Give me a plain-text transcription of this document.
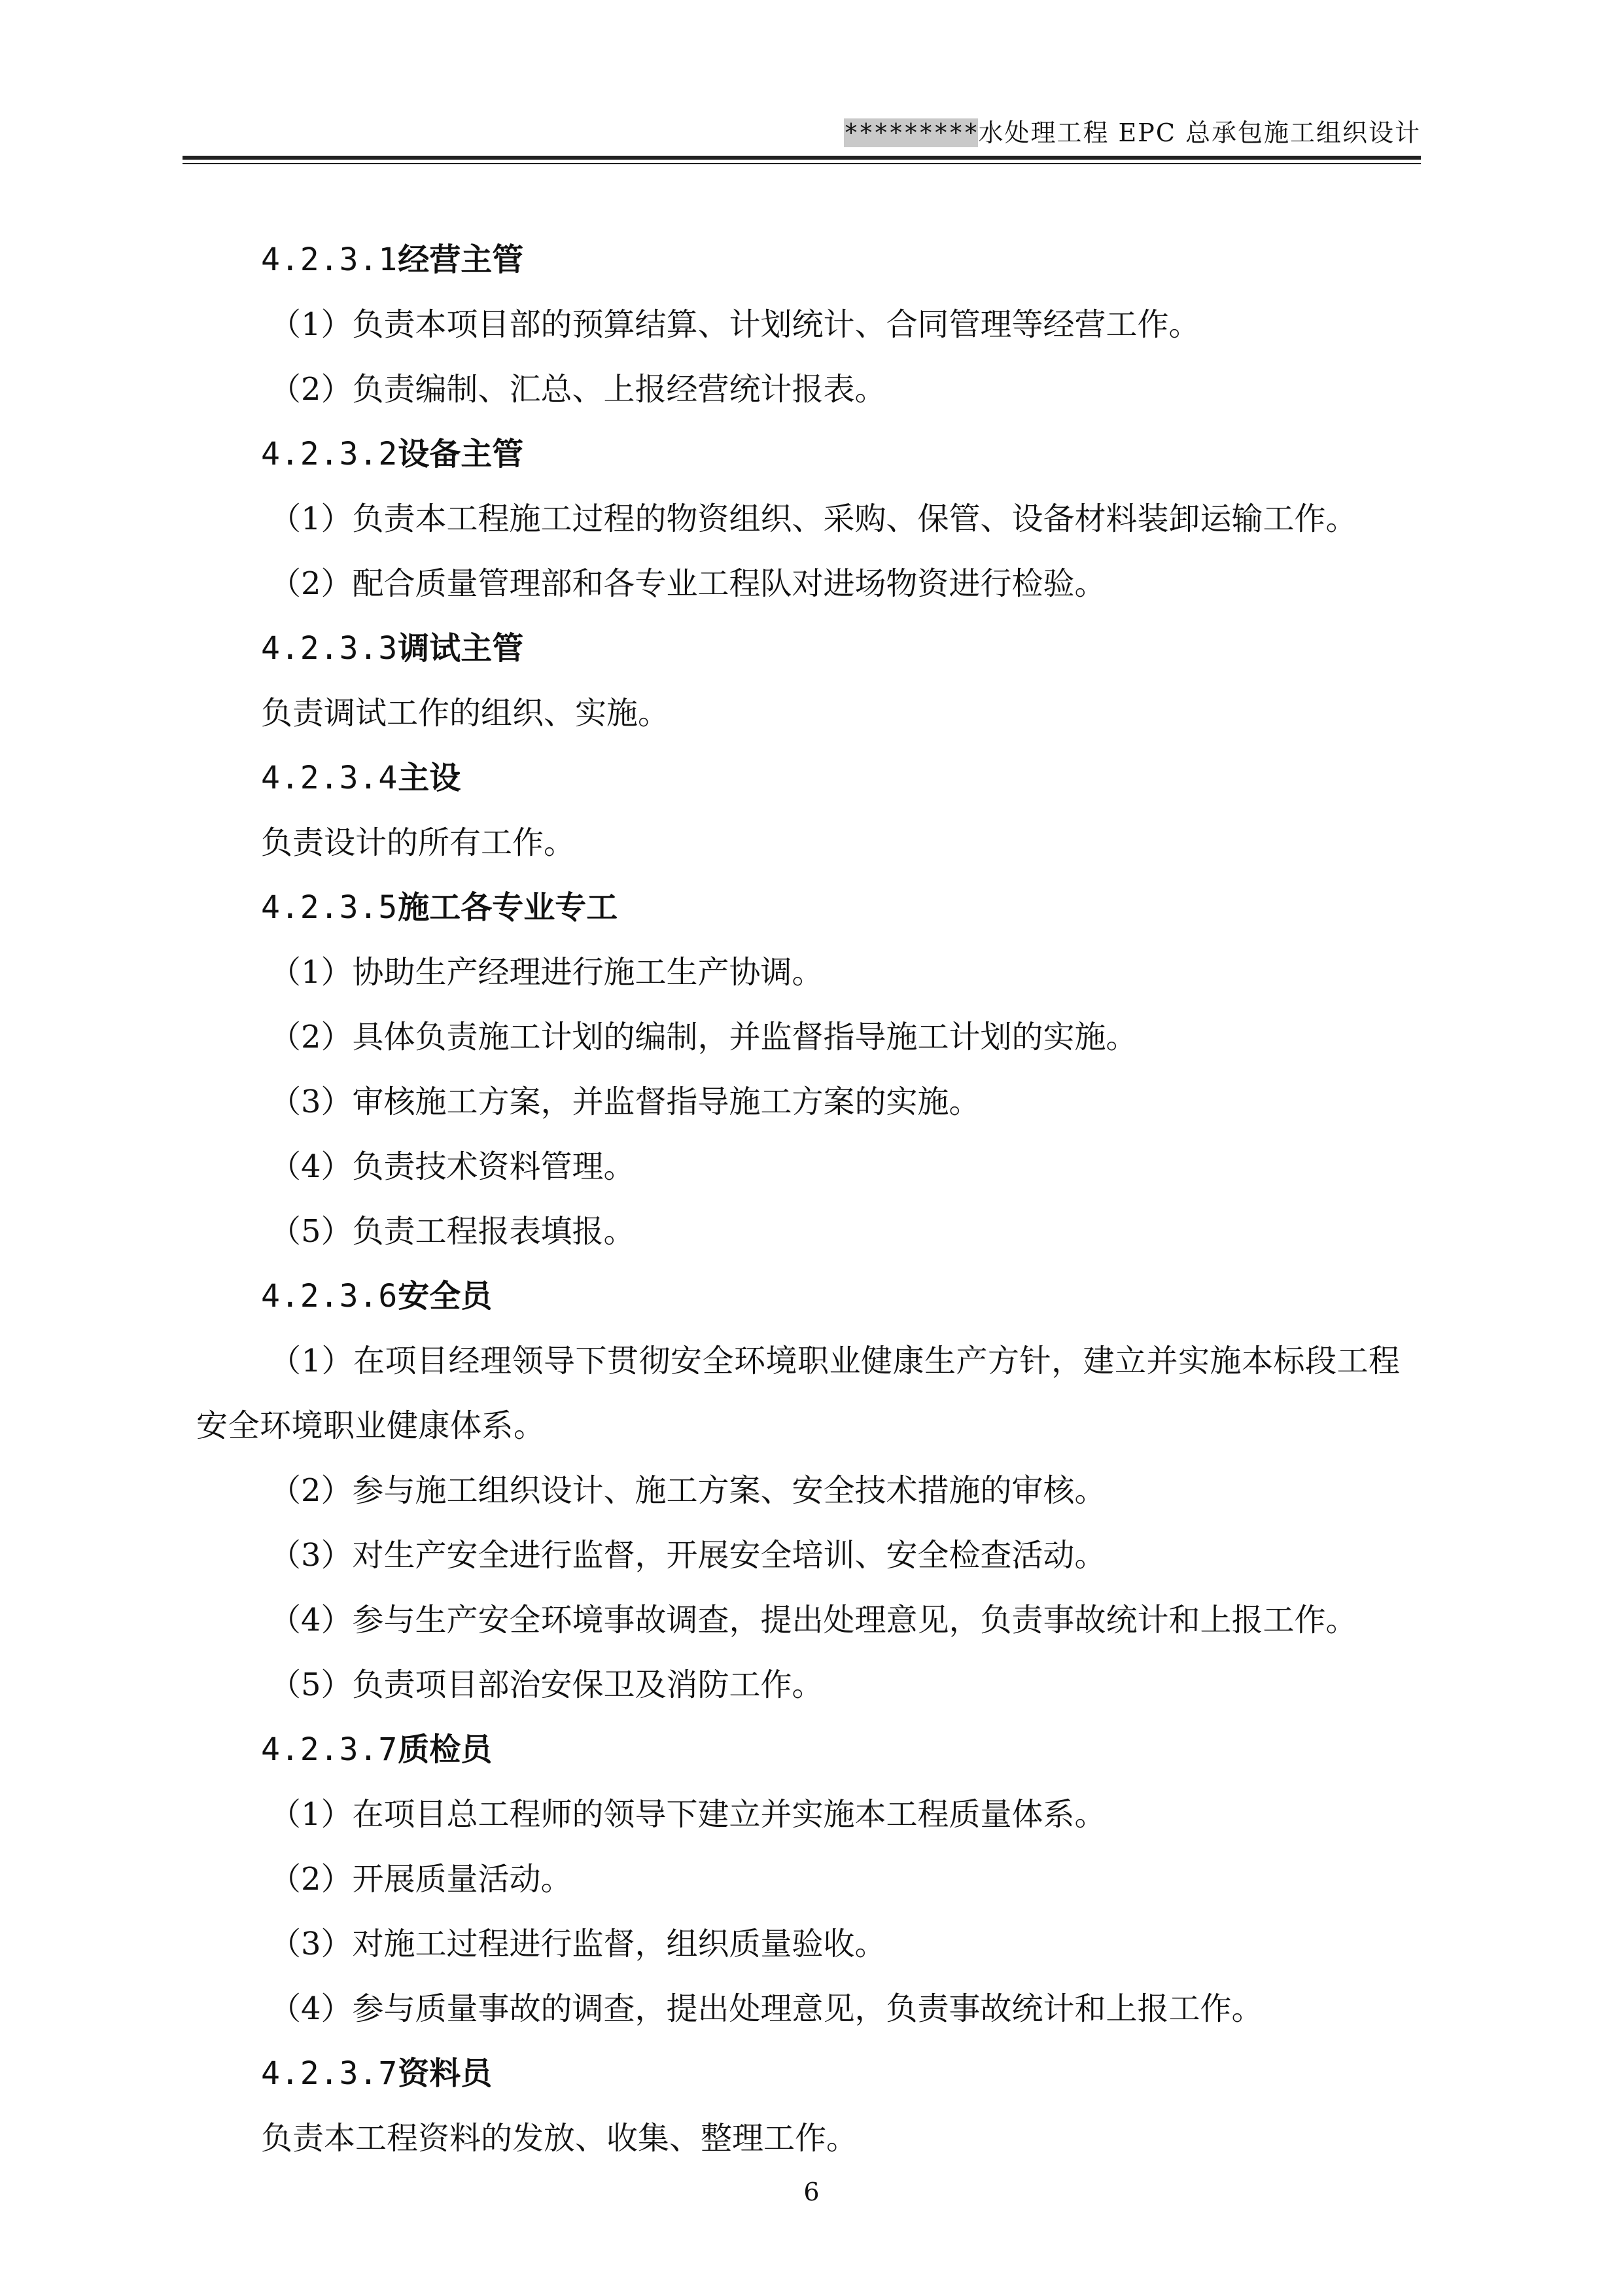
*********水处理工程 EPC 总承包施工组织设计

4.2.3.1经营主管

（1）负责本项目部的预算结算、计划统计、合同管理等经营工作。

（2）负责编制、汇总、上报经营统计报表。

4.2.3.2设备主管

（1）负责本工程施工过程的物资组织、采购、保管、设备材料装卸运输工作。

（2）配合质量管理部和各专业工程队对进场物资进行检验。

4.2.3.3调试主管

负责调试工作的组织、实施。

4.2.3.4主设

负责设计的所有工作。

4.2.3.5施工各专业专工

（1）协助生产经理进行施工生产协调。

（2）具体负责施工计划的编制，并监督指导施工计划的实施。

（3）审核施工方案，并监督指导施工方案的实施。

（4）负责技术资料管理。

（5）负责工程报表填报。

4.2.3.6安全员

（1）在项目经理领导下贯彻安全环境职业健康生产方针，建立并实施本标段工程安全环境职业健康体系。

（2）参与施工组织设计、施工方案、安全技术措施的审核。

（3）对生产安全进行监督，开展安全培训、安全检查活动。

（4）参与生产安全环境事故调查，提出处理意见，负责事故统计和上报工作。

（5）负责项目部治安保卫及消防工作。

4.2.3.7质检员

（1）在项目总工程师的领导下建立并实施本工程质量体系。

（2）开展质量活动。

（3）对施工过程进行监督，组织质量验收。

（4）参与质量事故的调查，提出处理意见，负责事故统计和上报工作。

4.2.3.7资料员

负责本工程资料的发放、收集、整理工作。

6
